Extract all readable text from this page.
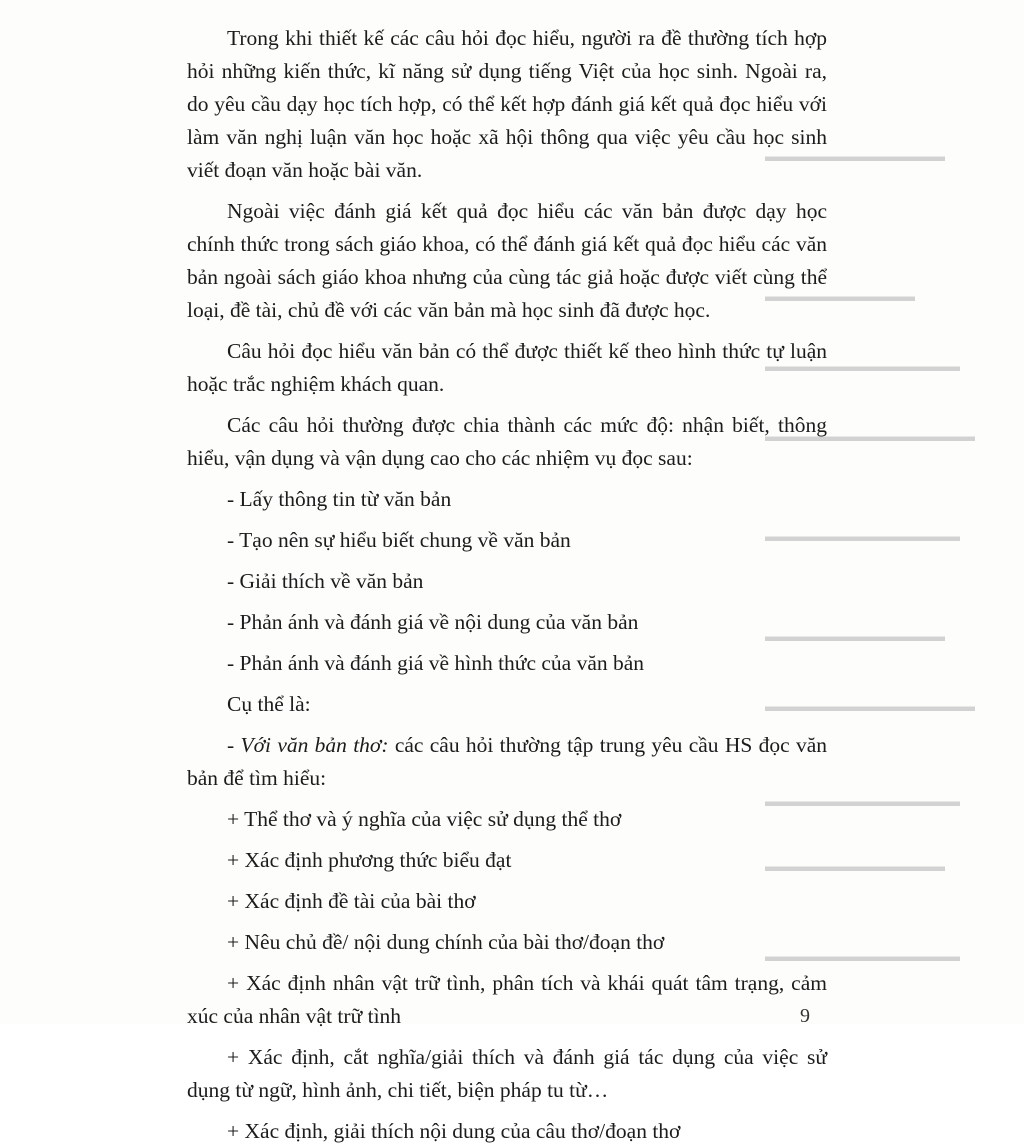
▬▬▬▬▬▬▬▬▬▬▬▬
▬▬▬▬▬▬▬▬▬▬
▬▬▬▬▬▬▬▬▬▬▬▬▬
▬▬▬▬▬▬▬▬▬▬▬▬▬▬
▬▬▬▬▬▬▬▬▬▬▬▬▬
▬▬▬▬▬▬▬▬▬▬▬▬
▬▬▬▬▬▬▬▬▬▬▬▬▬▬
▬▬▬▬▬▬▬▬▬▬▬▬▬
▬▬▬▬▬▬▬▬▬▬▬▬
▬▬▬▬▬▬▬▬▬▬▬▬▬

Trong khi thiết kế các câu hỏi đọc hiểu, người ra đề thường tích hợp hỏi những kiến thức, kĩ năng sử dụng tiếng Việt của học sinh. Ngoài ra, do yêu cầu dạy học tích hợp, có thể kết hợp đánh giá kết quả đọc hiểu với làm văn nghị luận văn học hoặc xã hội thông qua việc yêu cầu học sinh viết đoạn văn hoặc bài văn.

Ngoài việc đánh giá kết quả đọc hiểu các văn bản được dạy học chính thức trong sách giáo khoa, có thể đánh giá kết quả đọc hiểu các văn bản ngoài sách giáo khoa nhưng của cùng tác giả hoặc được viết cùng thể loại, đề tài, chủ đề với các văn bản mà học sinh đã được học.

Câu hỏi đọc hiểu văn bản có thể được thiết kế theo hình thức tự luận hoặc trắc nghiệm khách quan.

Các câu hỏi thường được chia thành các mức độ: nhận biết, thông hiểu, vận dụng và vận dụng cao cho các nhiệm vụ đọc sau:

- Lấy thông tin từ văn bản

- Tạo nên sự hiểu biết chung về văn bản

- Giải thích về văn bản

- Phản ánh và đánh giá về nội dung của văn bản

- Phản ánh và đánh giá về hình thức của văn bản

Cụ thể là:

- Với văn bản thơ: các câu hỏi thường tập trung yêu cầu HS đọc văn bản để tìm hiểu:

+ Thể thơ và ý nghĩa của việc sử dụng thể thơ

+ Xác định phương thức biểu đạt

+ Xác định đề tài của bài thơ

+ Nêu chủ đề/ nội dung chính của bài thơ/đoạn thơ

+ Xác định nhân vật trữ tình, phân tích và khái quát tâm trạng, cảm xúc của nhân vật trữ tình

+ Xác định, cắt nghĩa/giải thích và đánh giá tác dụng của việc sử dụng từ ngữ, hình ảnh, chi tiết, biện pháp tu từ…

+ Xác định, giải thích nội dung của câu thơ/đoạn thơ

9
